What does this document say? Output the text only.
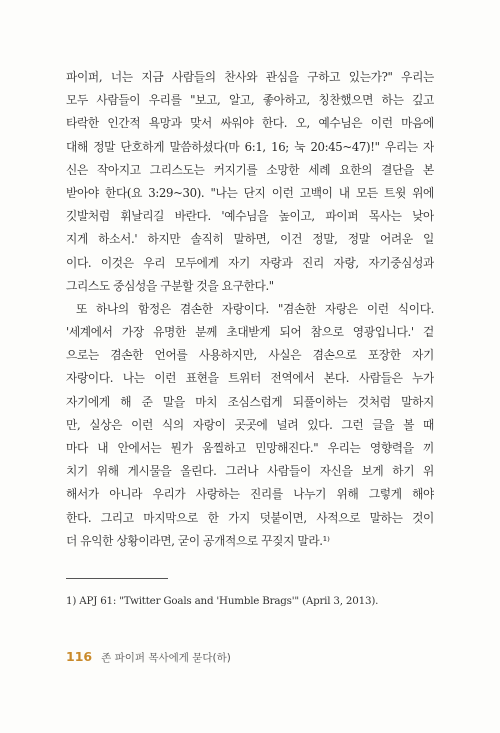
파이퍼, 너는 지금 사람들의 찬사와 관심을 구하고 있는가?" 우리는
모두 사람들이 우리를 "보고, 알고, 좋아하고, 칭찬했으면 하는 깊고
타락한 인간적 욕망과 맞서 싸워야 한다. 오, 예수님은 이런 마음에
대해 정말 단호하게 말씀하셨다(마 6:1, 16; 눅 20:45~47)!" 우리는 자
신은 작아지고 그리스도는 커지기를 소망한 세례 요한의 결단을 본
받아야 한다(요 3:29~30). "나는 단지 이런 고백이 내 모든 트윗 위에
깃발처럼 휘날리길 바란다. '예수님을 높이고, 파이퍼 목사는 낮아
지게 하소서.' 하지만 솔직히 말하면, 이건 정말, 정말 어려운 일
이다. 이것은 우리 모두에게 자기 자랑과 진리 자랑, 자기중심성과
그리스도 중심성을 구분할 것을 요구한다."
또 하나의 함정은 겸손한 자랑이다. "겸손한 자랑은 이런 식이다.
'세계에서 가장 유명한 분께 초대받게 되어 참으로 영광입니다.' 겉
으로는 겸손한 언어를 사용하지만, 사실은 겸손으로 포장한 자기
자랑이다. 나는 이런 표현을 트위터 전역에서 본다. 사람들은 누가
자기에게 해 준 말을 마치 조심스럽게 되풀이하는 것처럼 말하지
만, 실상은 이런 식의 자랑이 곳곳에 널려 있다. 그런 글을 볼 때
마다 내 안에서는 뭔가 움찔하고 민망해진다." 우리는 영향력을 끼
치기 위해 게시물을 올린다. 그러나 사람들이 자신을 보게 하기 위
해서가 아니라 우리가 사랑하는 진리를 나누기 위해 그렇게 해야
한다. 그리고 마지막으로 한 가지 덧붙이면, 사적으로 말하는 것이
더 유익한 상황이라면, 굳이 공개적으로 꾸짖지 말라.¹⁾
1) APJ 61: "Twitter Goals and 'Humble Brags'" (April 3, 2013).
116 존 파이퍼 목사에게 묻다(하)
